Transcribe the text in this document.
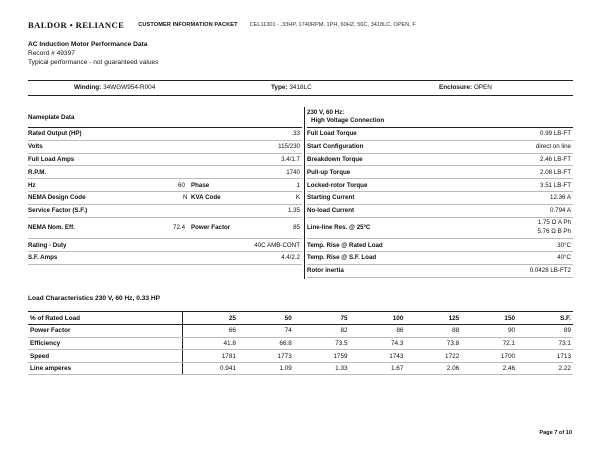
BALDOR • RELIANCE	CUSTOMER INFORMATION PACKET CEL11301 - .33HP, 1740RPM, 1PH, 60HZ, 56C, 3418LC, OPEN, F
AC Induction Motor Performance Data
Record # 49397
Typical performance - not guaranteed values
Winding: 34WGW954-R004	Type: 3418LC	Enclosure: OPEN
Nameplate Data
Rated Output (HP)	.33
Volts	115/230
Full Load Amps	3.4/1.7
R.P.M.	1740
Hz	60 Phase	1
NEMA Design Code	N KVA Code	K
Service Factor (S.F.)	1.35
NEMA Nom. Eff.	72.4 Power Factor	85
Rating - Duty	40C AMB-CONT
S.F. Amps	4.4/2.2
230 V, 60 Hz:
High Voltage Connection
Full Load Torque	0.99 LB-FT
Start Configuration	direct on line
Breakdown Torque	2.46 LB-FT
Pull-up Torque	2.08 LB-FT
Locked-rotor Torque	3.51 LB-FT
Starting Current	12.36 A
No-load Current	0.794 A
Line-line Res. @ 25ºC
1.75 Ω A Ph
5.76 Ω B Ph
Temp. Rise @ Rated Load	30°C
Temp. Rise @ S.F. Load	40°C
Rotor inertia	0.0428 LB-FT2
Load Characteristics 230 V, 60 Hz, 0.33 HP
% of Rated Load	25	50	75	100	125	150	S.F.
Power Factor	66	74	82	86	88	90	89
Efficiency	41.8	66.8	73.5	74.3	73.8	72.1	73.1
Speed	1781	1773	1759	1743	1722	1700	1713
Line amperes	0.941	1.09	1.33	1.67	2.06	2.46	2.22
Page 7 of 10
